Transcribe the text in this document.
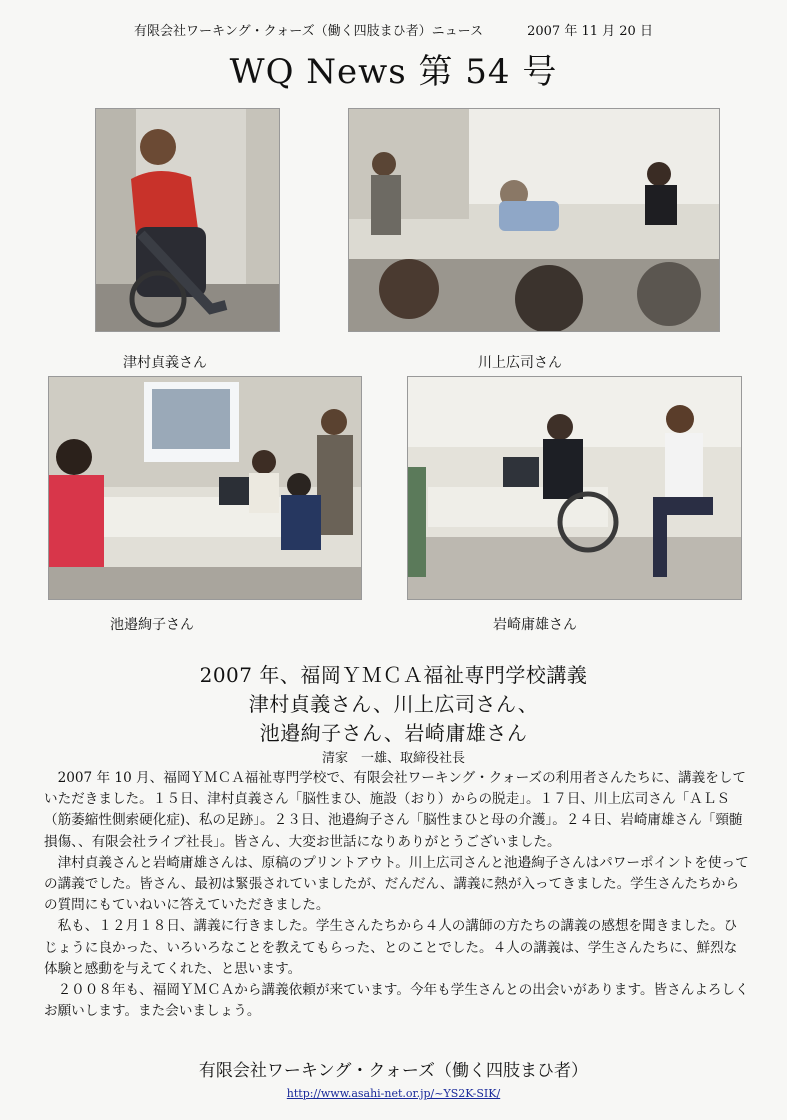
有限会社ワーキング・クォーズ（働く四肢まひ者）ニュース	2007 年 11 月 20 日
WQ News 第 54 号
津村貞義さん	川上広司さん
池邉絢子さん	岩崎庸雄さん
2007 年、福岡ＹＭＣＡ福祉専門学校講義
津村貞義さん、川上広司さん、
池邉絢子さん、岩崎庸雄さん
清家　一雄、取締役社長

2007 年 10 月、福岡ＹＭＣＡ福祉専門学校で、有限会社ワーキング・クォーズの利用者さんたちに、講義をしていただきました。１５日、津村貞義さん「脳性まひ、施設（おり）からの脱走」。１７日、川上広司さん「ＡＬＳ（筋萎縮性側索硬化症)、私の足跡」。２３日、池邉絢子さん「脳性まひと母の介護」。２４日、岩崎庸雄さん「頸髄損傷、、有限会社ライブ社長」。皆さん、大変お世話になりありがとうございました。

津村貞義さんと岩崎庸雄さんは、原稿のプリントアウト。川上広司さんと池邉絢子さんはパワーポイントを使っての講義でした。皆さん、最初は緊張されていましたが、だんだん、講義に熱が入ってきました。学生さんたちからの質問にもていねいに答えていただきました。

私も、１２月１８日、講義に行きました。学生さんたちから４人の講師の方たちの講義の感想を聞きました。ひじょうに良かった、いろいろなことを教えてもらった、とのことでした。４人の講義は、学生さんたちに、鮮烈な体験と感動を与えてくれた、と思います。

２００８年も、福岡ＹＭＣＡから講義依頼が来ています。今年も学生さんとの出会いがあります。皆さんよろしくお願いします。また会いましょう。

有限会社ワーキング・クォーズ（働く四肢まひ者）
http://www.asahi-net.or.jp/~YS2K-SIK/
